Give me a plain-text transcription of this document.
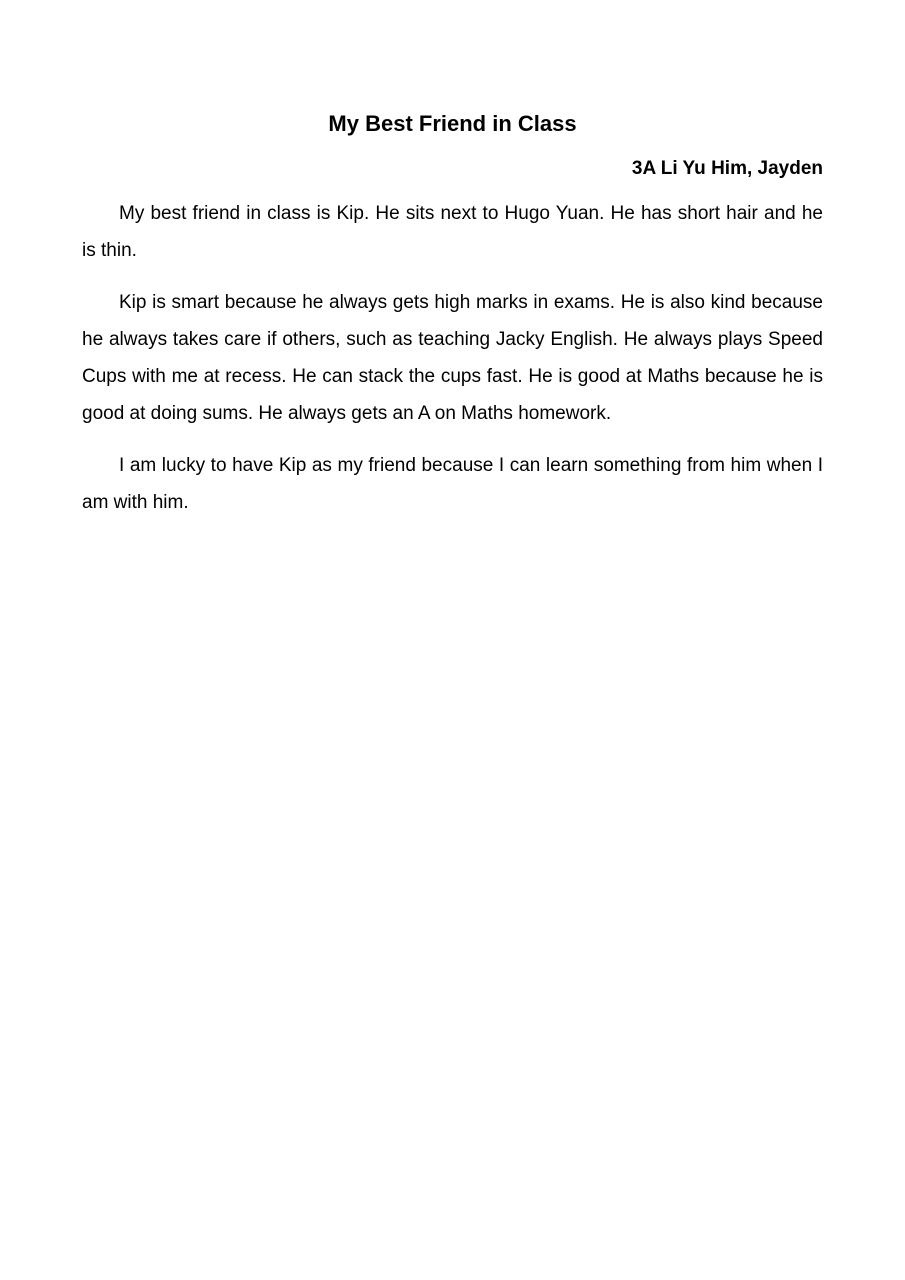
My Best Friend in Class

3A Li Yu Him, Jayden

My best friend in class is Kip. He sits next to Hugo Yuan. He has short hair and he is thin.

Kip is smart because he always gets high marks in exams. He is also kind because he always takes care if others, such as teaching Jacky English. He always plays Speed Cups with me at recess. He can stack the cups fast. He is good at Maths because he is good at doing sums. He always gets an A on Maths homework.

I am lucky to have Kip as my friend because I can learn something from him when I am with him.
